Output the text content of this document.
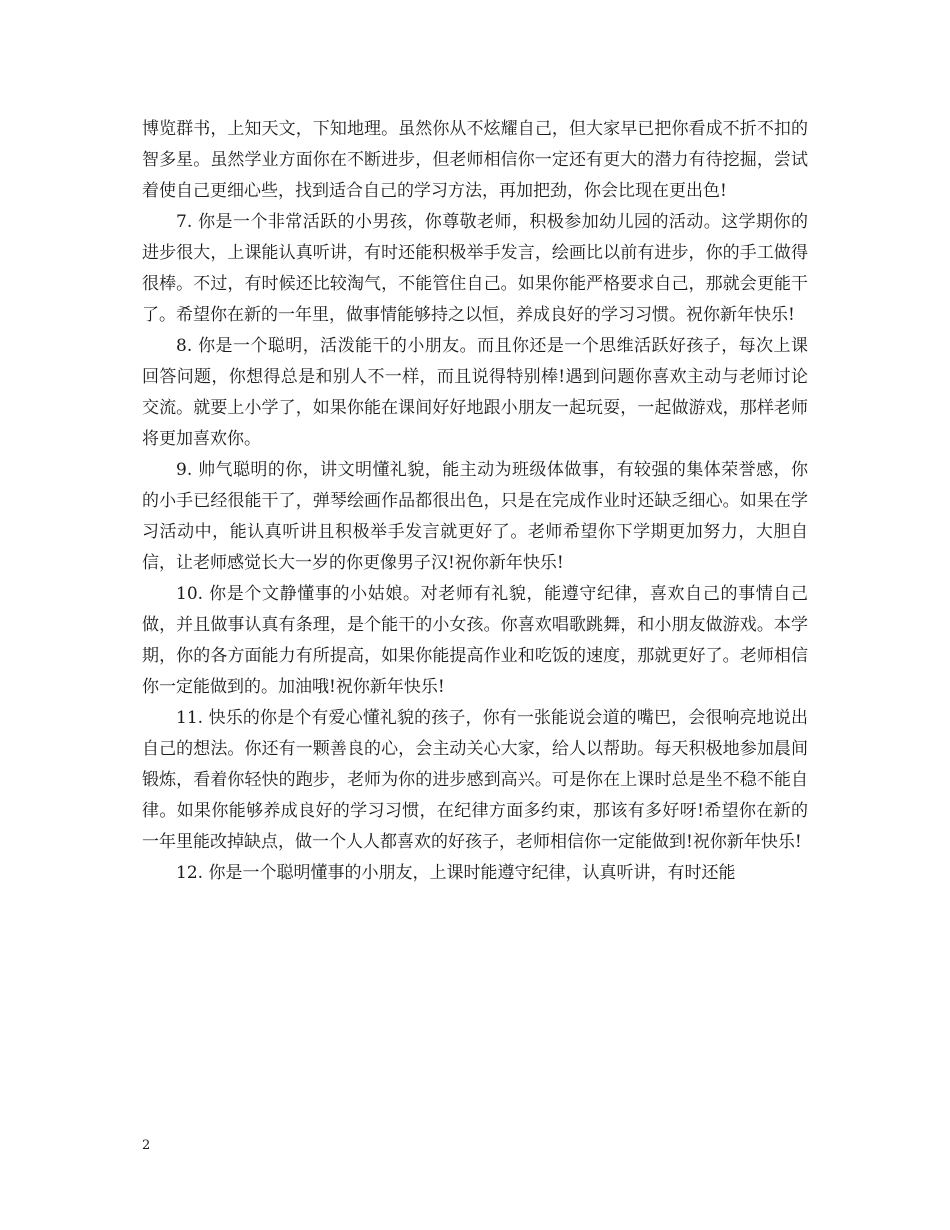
博览群书，上知天文，下知地理。虽然你从不炫耀自己，但大家早已把你看成不折不扣的智多星。虽然学业方面你在不断进步，但老师相信你一定还有更大的潜力有待挖掘，尝试着使自己更细心些，找到适合自己的学习方法，再加把劲，你会比现在更出色!

7. 你是一个非常活跃的小男孩，你尊敬老师，积极参加幼儿园的活动。这学期你的进步很大，上课能认真听讲，有时还能积极举手发言，绘画比以前有进步，你的手工做得很棒。不过，有时候还比较淘气，不能管住自己。如果你能严格要求自己，那就会更能干了。希望你在新的一年里，做事情能够持之以恒，养成良好的学习习惯。祝你新年快乐!

8. 你是一个聪明，活泼能干的小朋友。而且你还是一个思维活跃好孩子，每次上课回答问题，你想得总是和别人不一样，而且说得特别棒!遇到问题你喜欢主动与老师讨论交流。就要上小学了，如果你能在课间好好地跟小朋友一起玩耍，一起做游戏，那样老师将更加喜欢你。

9. 帅气聪明的你，讲文明懂礼貌，能主动为班级体做事，有较强的集体荣誉感，你的小手已经很能干了，弹琴绘画作品都很出色，只是在完成作业时还缺乏细心。如果在学习活动中，能认真听讲且积极举手发言就更好了。老师希望你下学期更加努力，大胆自信，让老师感觉长大一岁的你更像男子汉!祝你新年快乐!

10. 你是个文静懂事的小姑娘。对老师有礼貌，能遵守纪律，喜欢自己的事情自己做，并且做事认真有条理，是个能干的小女孩。你喜欢唱歌跳舞，和小朋友做游戏。本学期，你的各方面能力有所提高，如果你能提高作业和吃饭的速度，那就更好了。老师相信你一定能做到的。加油哦!祝你新年快乐!

11. 快乐的你是个有爱心懂礼貌的孩子，你有一张能说会道的嘴巴，会很响亮地说出自己的想法。你还有一颗善良的心，会主动关心大家，给人以帮助。每天积极地参加晨间锻炼，看着你轻快的跑步，老师为你的进步感到高兴。可是你在上课时总是坐不稳不能自律。如果你能够养成良好的学习习惯，在纪律方面多约束，那该有多好呀!希望你在新的一年里能改掉缺点，做一个人人都喜欢的好孩子，老师相信你一定能做到!祝你新年快乐!

12. 你是一个聪明懂事的小朋友，上课时能遵守纪律，认真听讲，有时还能

2
